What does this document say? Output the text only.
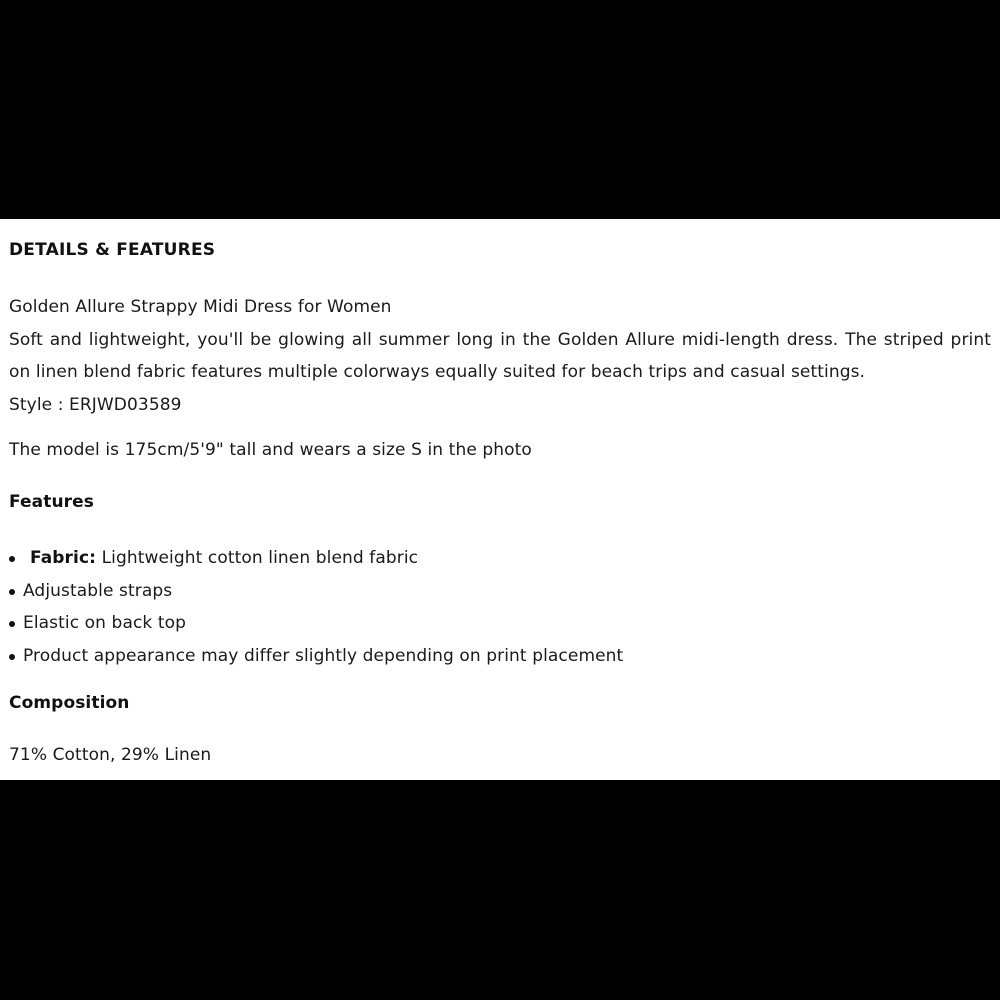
DETAILS & FEATURES
Golden Allure Strappy Midi Dress for Women
Soft and lightweight, you'll be glowing all summer long in the Golden Allure midi-length dress. The striped print on linen blend fabric features multiple colorways equally suited for beach trips and casual settings.
Style : ERJWD03589

The model is 175cm/5'9" tall and wears a size S in the photo

Features
Fabric: Lightweight cotton linen blend fabric
Adjustable straps
Elastic on back top
Product appearance may differ slightly depending on print placement
Composition

71% Cotton, 29% Linen
